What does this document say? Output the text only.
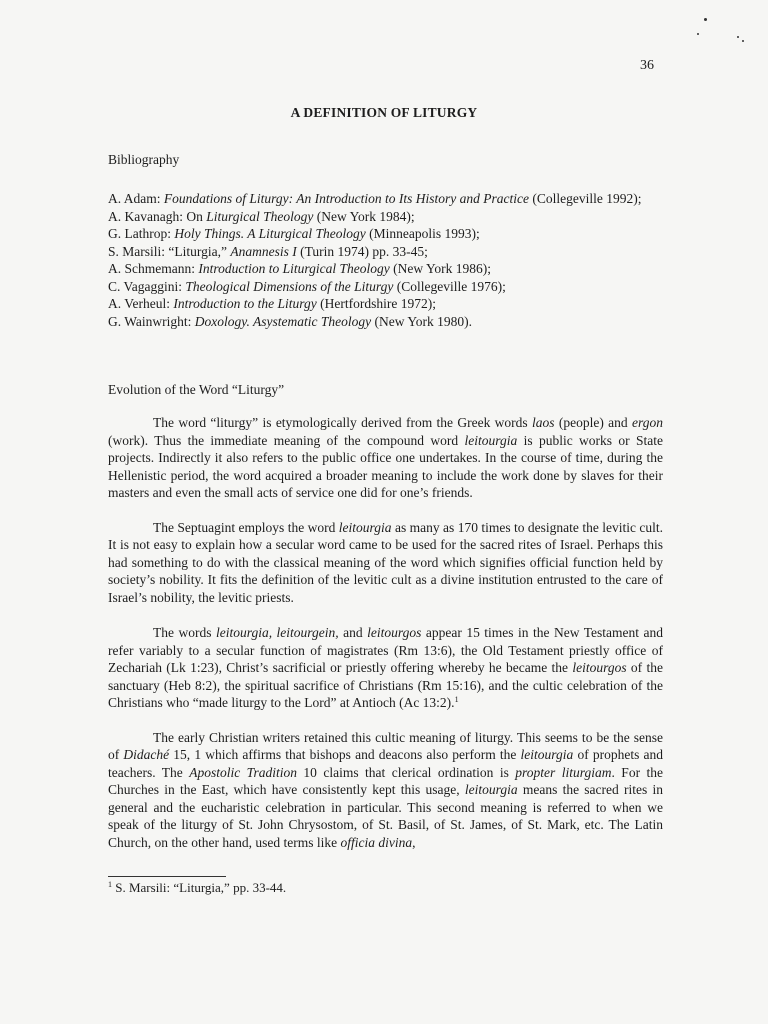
36
A DEFINITION OF LITURGY
Bibliography
A. Adam: Foundations of Liturgy: An Introduction to Its History and Practice (Collegeville 1992);
A. Kavanagh: On Liturgical Theology (New York 1984);
G. Lathrop: Holy Things. A Liturgical Theology (Minneapolis 1993);
S. Marsili: “Liturgia,” Anamnesis I (Turin 1974) pp. 33-45;
A. Schmemann: Introduction to Liturgical Theology (New York 1986);
C. Vagaggini: Theological Dimensions of the Liturgy (Collegeville 1976);
A. Verheul: Introduction to the Liturgy (Hertfordshire 1972);
G. Wainwright: Doxology. Asystematic Theology (New York 1980).
Evolution of the Word “Liturgy”

The word “liturgy” is etymologically derived from the Greek words laos (people) and ergon (work). Thus the immediate meaning of the compound word leitourgia is public works or State projects. Indirectly it also refers to the public office one undertakes. In the course of time, during the Hellenistic period, the word acquired a broader meaning to include the work done by slaves for their masters and even the small acts of service one did for one’s friends.

The Septuagint employs the word leitourgia as many as 170 times to designate the levitic cult. It is not easy to explain how a secular word came to be used for the sacred rites of Israel. Perhaps this had something to do with the classical meaning of the word which signifies official function held by society’s nobility. It fits the definition of the levitic cult as a divine institution entrusted to the care of Israel’s nobility, the levitic priests.

The words leitourgia, leitourgein, and leitourgos appear 15 times in the New Testament and refer variably to a secular function of magistrates (Rm 13:6), the Old Testament priestly office of Zechariah (Lk 1:23), Christ’s sacrificial or priestly offering whereby he became the leitourgos of the sanctuary (Heb 8:2), the spiritual sacrifice of Christians (Rm 15:16), and the cultic celebration of the Christians who “made liturgy to the Lord” at Antioch (Ac 13:2).$^1$

The early Christian writers retained this cultic meaning of liturgy. This seems to be the sense of Didaché 15, 1 which affirms that bishops and deacons also perform the leitourgia of prophets and teachers. The Apostolic Tradition 10 claims that clerical ordination is propter liturgiam. For the Churches in the East, which have consistently kept this usage, leitourgia means the sacred rites in general and the eucharistic celebration in particular. This second meaning is referred to when we speak of the liturgy of St. John Chrysostom, of St. Basil, of St. James, of St. Mark, etc. The Latin Church, on the other hand, used terms like officia divina,

$^1$ S. Marsili: “Liturgia,” pp. 33-44.
